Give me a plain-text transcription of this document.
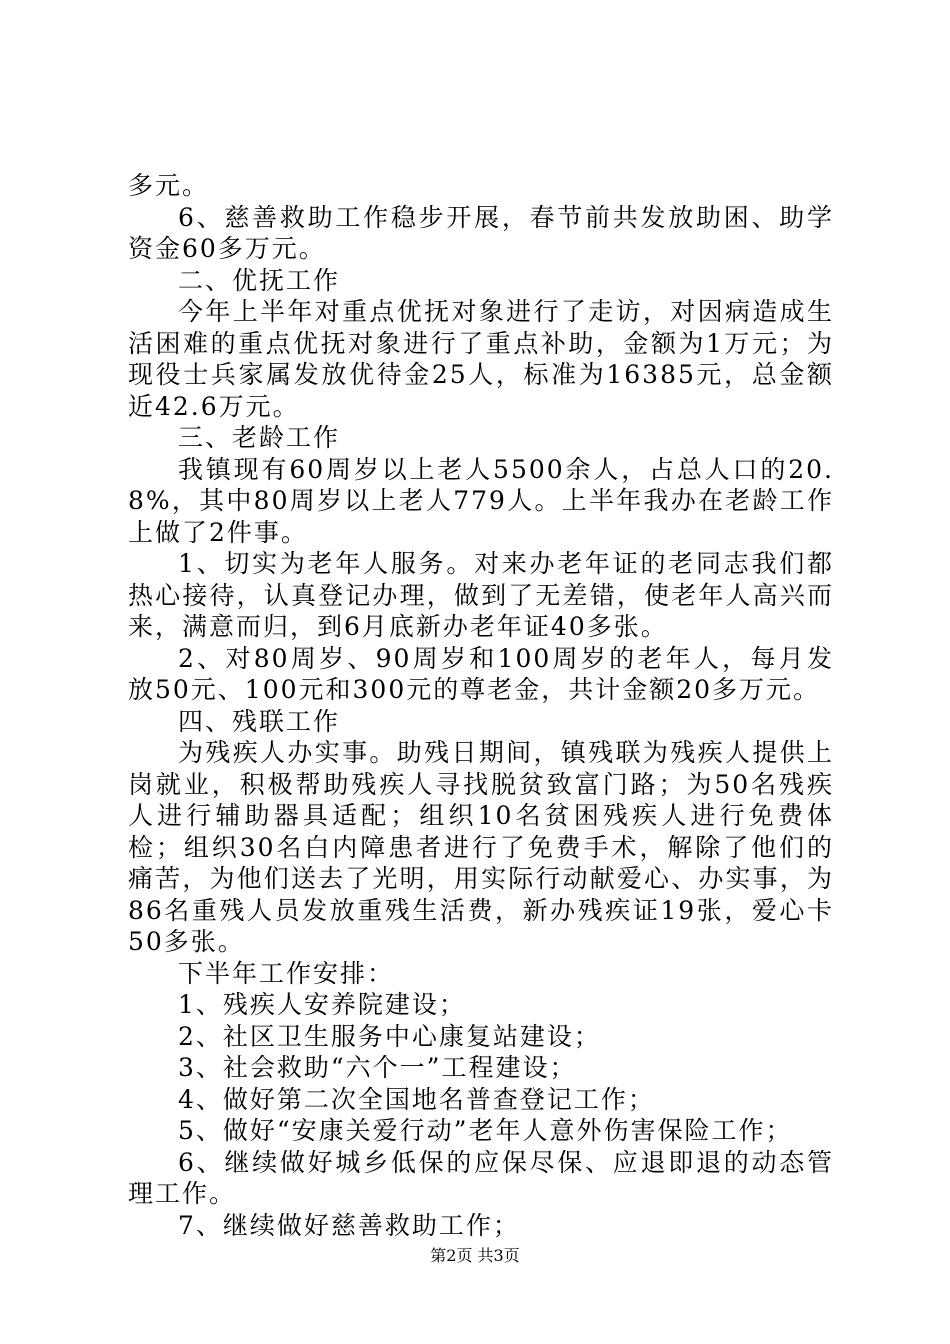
多元。

6、慈善救助工作稳步开展，春节前共发放助困、助学资金60多万元。

二、优抚工作

今年上半年对重点优抚对象进行了走访，对因病造成生活困难的重点优抚对象进行了重点补助，金额为1万元；为现役士兵家属发放优待金25人，标准为16385元，总金额近42.6万元。

三、老龄工作

我镇现有60周岁以上老人5500余人，占总人口的20.8%，其中80周岁以上老人779人。上半年我办在老龄工作上做了2件事。

1、切实为老年人服务。对来办老年证的老同志我们都热心接待，认真登记办理，做到了无差错，使老年人高兴而来，满意而归，到6月底新办老年证40多张。

2、对80周岁、90周岁和100周岁的老年人，每月发放50元、100元和300元的尊老金，共计金额20多万元。

四、残联工作

为残疾人办实事。助残日期间，镇残联为残疾人提供上岗就业，积极帮助残疾人寻找脱贫致富门路；为50名残疾人进行辅助器具适配；组织10名贫困残疾人进行免费体检；组织30名白内障患者进行了免费手术，解除了他们的痛苦，为他们送去了光明，用实际行动献爱心、办实事，为86名重残人员发放重残生活费，新办残疾证19张，爱心卡50多张。

下半年工作安排：

1、残疾人安养院建设；

2、社区卫生服务中心康复站建设；

3、社会救助“六个一”工程建设；

4、做好第二次全国地名普查登记工作；

5、做好“安康关爱行动”老年人意外伤害保险工作；

6、继续做好城乡低保的应保尽保、应退即退的动态管理工作。

7、继续做好慈善救助工作；

第2页 共3页
